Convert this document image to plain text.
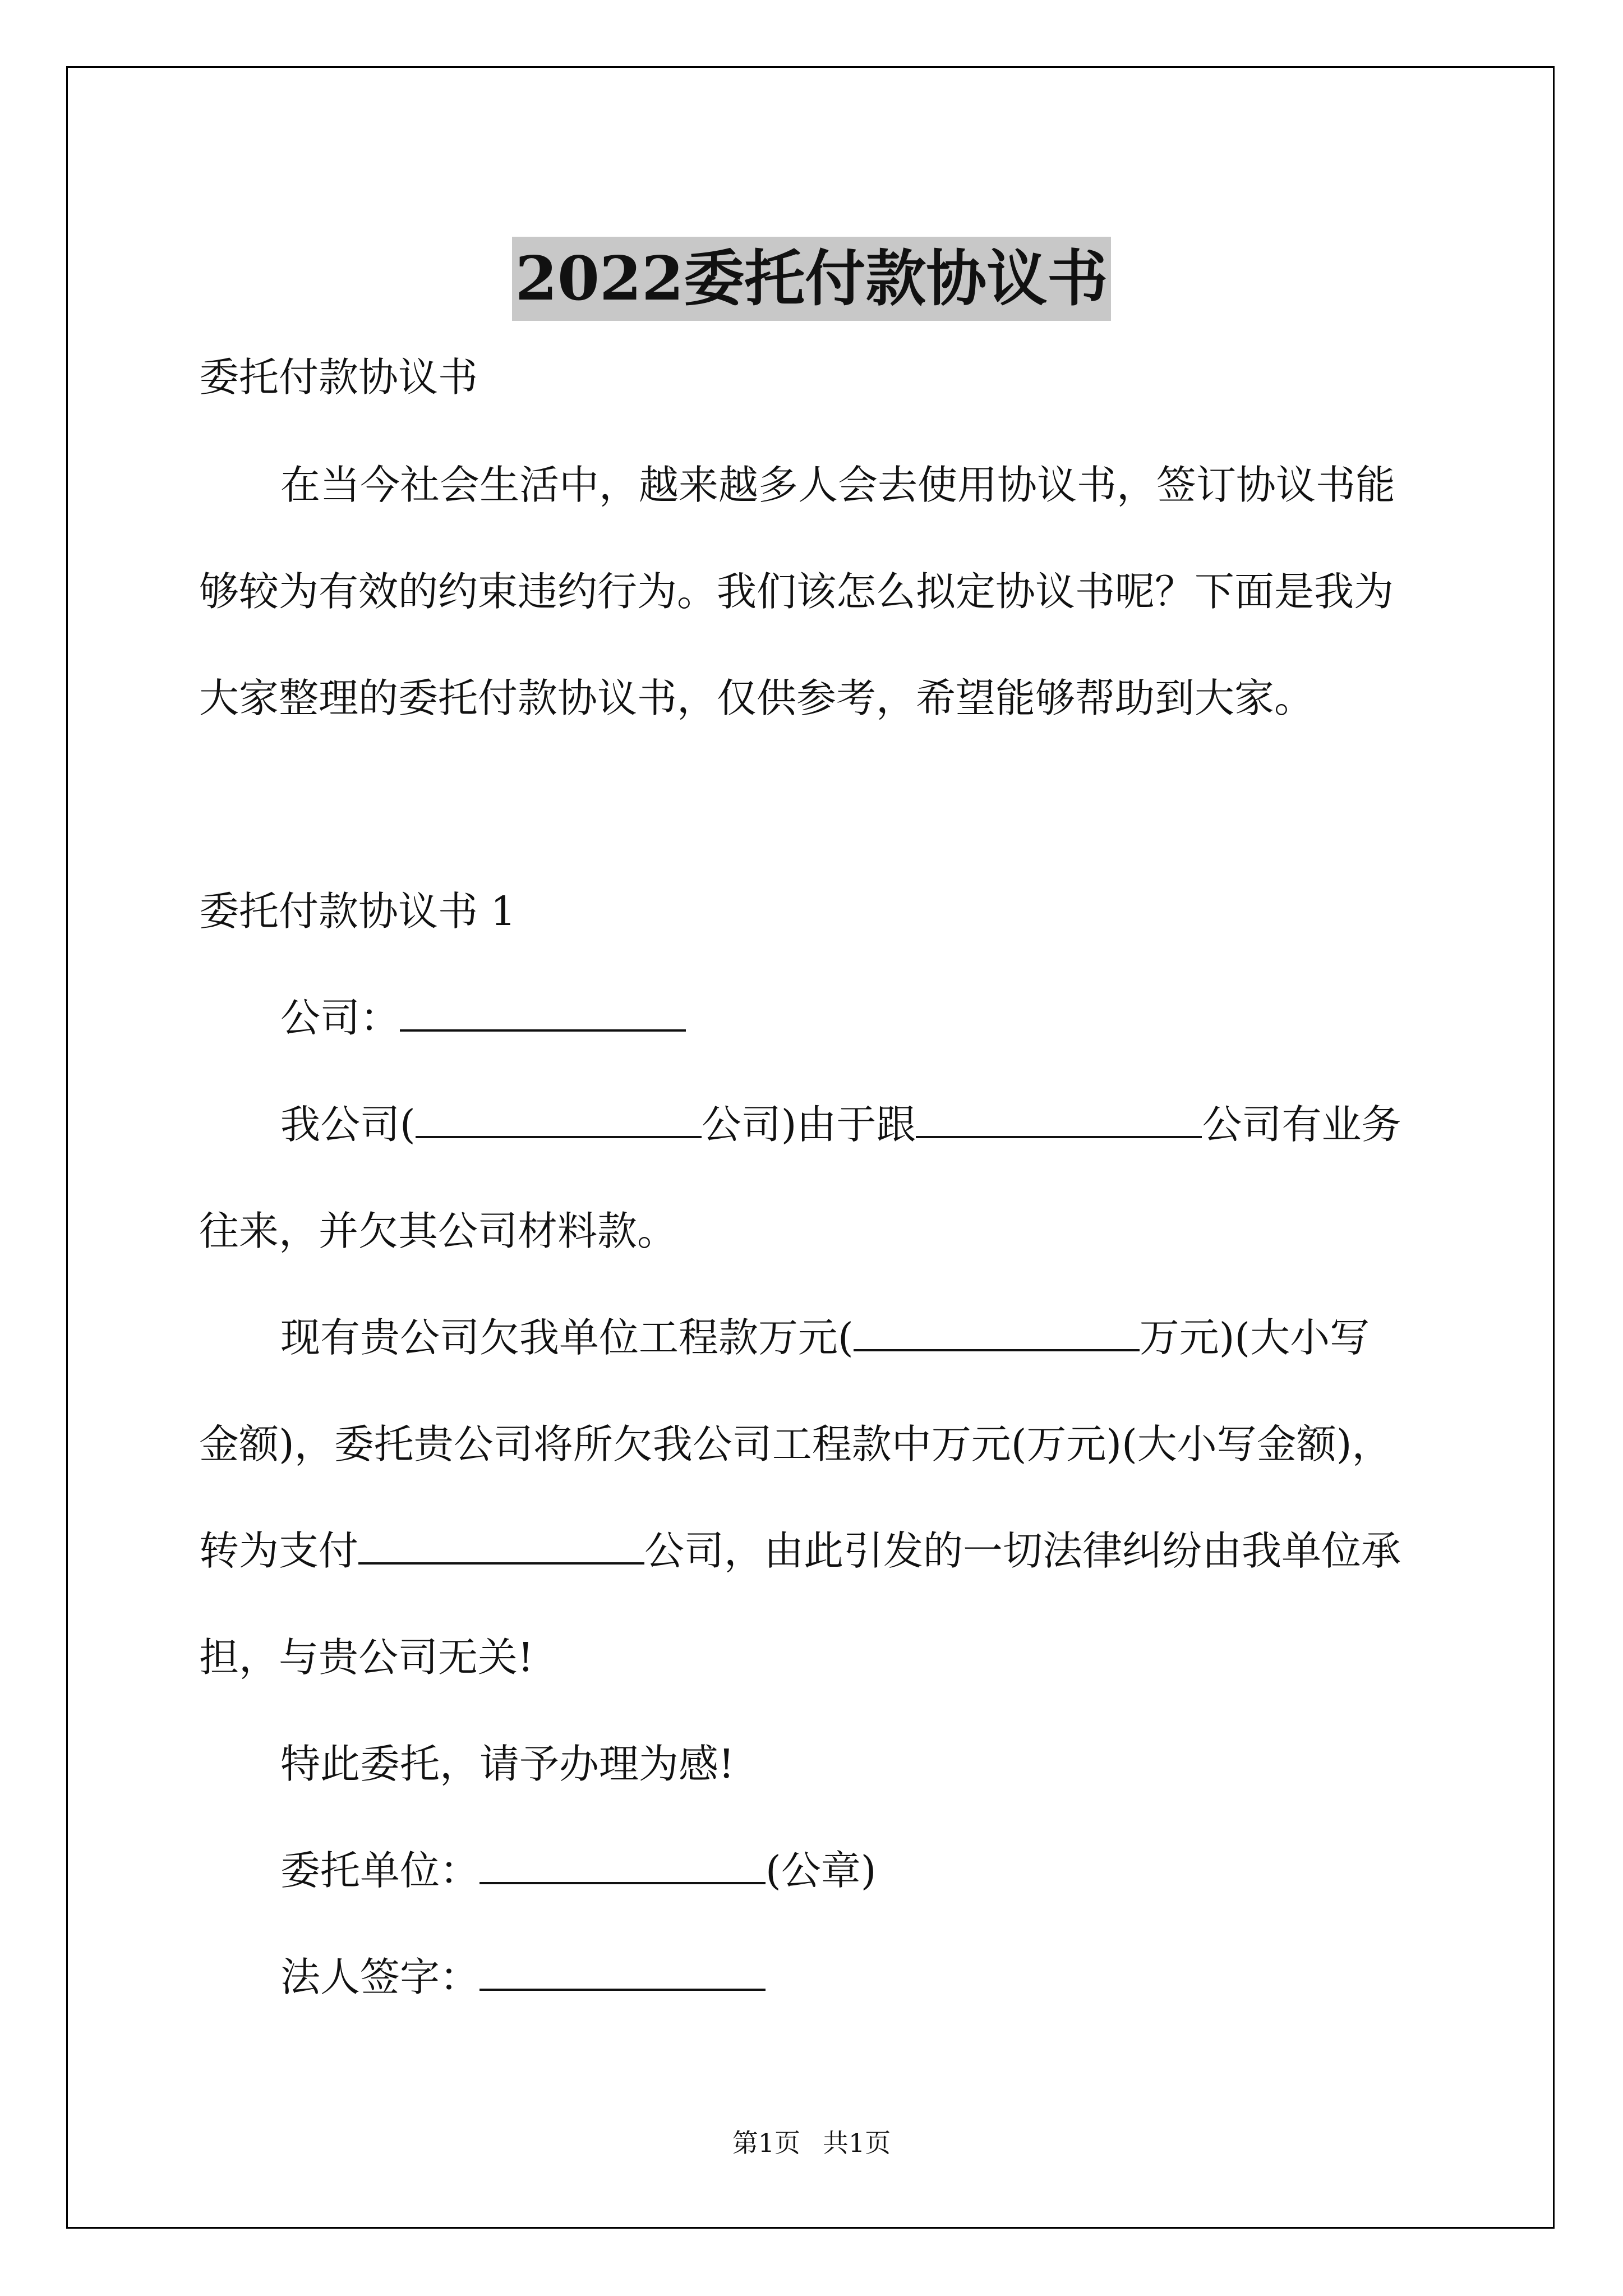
2022委托付款协议书

委托付款协议书

在当今社会生活中，越来越多人会去使用协议书，签订协议书能

够较为有效的约束违约行为。我们该怎么拟定协议书呢？下面是我为

大家整理的委托付款协议书，仅供参考，希望能够帮助到大家。

委托付款协议书 1

公司：

我公司(	公司)由于跟	公司有业务

往来，并欠其公司材料款。

现有贵公司欠我单位工程款万元(	万元)(大小写

金额)，委托贵公司将所欠我公司工程款中万元(万元)(大小写金额)，

转为支付	公司，由此引发的一切法律纠纷由我单位承

担，与贵公司无关!

特此委托，请予办理为感!

委托单位：	(公章)

法人签字：

第1页 共1页
